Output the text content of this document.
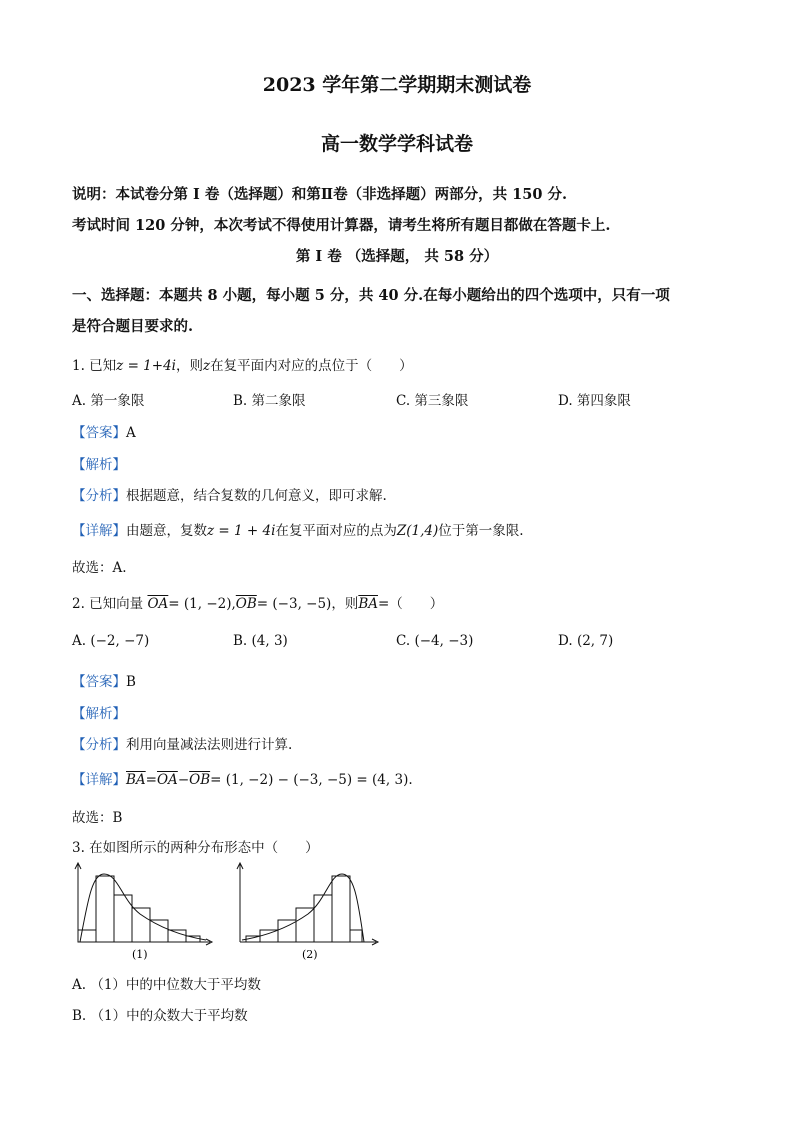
2023 学年第二学期期末测试卷
高一数学学科试卷
说明：本试卷分第 I 卷（选择题）和第Ⅱ卷（非选择题）两部分，共 150 分.
考试时间 120 分钟，本次考试不得使用计算器，请考生将所有题目都做在答题卡上.
第 I 卷 （选择题， 共 58 分）
一、选择题：本题共 8 小题，每小题 5 分，共 40 分.在每小题给出的四个选项中，只有一项
是符合题目要求的.
1. 已知z = 1+4i，则z在复平面内对应的点位于（　　）
A. 第一象限	B. 第二象限	C. 第三象限	D. 第四象限
【答案】A
【解析】
【分析】根据题意，结合复数的几何意义，即可求解.
【详解】由题意，复数z = 1 + 4i在复平面对应的点为Z(1,4)位于第一象限.
故选：A.
2. 已知向量 $\overline{OA}= (1$, $-2),\overline{OB}= (-3$, −5)，则$\overline{BA}=$（　　）
A. (−2, −7)	B. (4, 3)	C. (−4, −3)	D. (2, 7)
【答案】B
【解析】
【分析】利用向量减法法则进行计算.
【详解】$\overline{BA}=\overline{OA}-\overline{OB}= (1$, −2) − (−3, −5) = (4, 3).
故选：B
3. 在如图所示的两种分布形态中（　　）
(1)	(2)
A. （1）中的中位数大于平均数
B. （1）中的众数大于平均数
